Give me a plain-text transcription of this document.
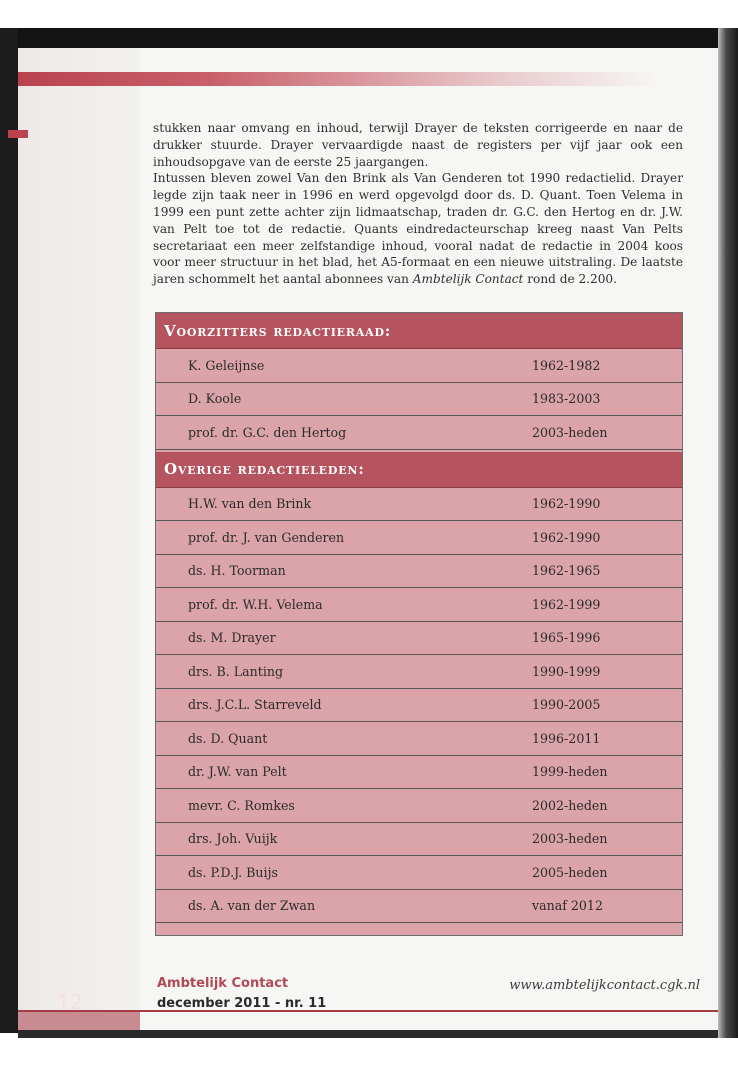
stukken naar omvang en inhoud, terwijl Drayer de teksten corrigeerde en naar de drukker stuurde. Drayer vervaardigde naast de registers per vijf jaar ook een inhoudsopgave van de eerste 25 jaargangen.

Intussen bleven zowel Van den Brink als Van Genderen tot 1990 redactielid. Drayer legde zijn taak neer in 1996 en werd opgevolgd door ds. D. Quant. Toen Velema in 1999 een punt zette achter zijn lidmaatschap, traden dr. G.C. den Hertog en dr. J.W. van Pelt toe tot de redactie. Quants eindredacteurschap kreeg naast Van Pelts secretariaat een meer zelfstandige inhoud, vooral nadat de redactie in 2004 koos voor meer structuur in het blad, het A5-formaat en een nieuwe uitstraling. De laatste jaren schommelt het aantal abonnees van Ambtelijk Contact rond de 2.200.

Voorzitters redactieraad:
K. Geleijnse	1962-1982
D. Koole	1983-2003
prof. dr. G.C. den Hertog	2003-heden
Overige redactieleden:
H.W. van den Brink	1962-1990
prof. dr. J. van Genderen	1962-1990
ds. H. Toorman	1962-1965
prof. dr. W.H. Velema	1962-1999
ds. M. Drayer	1965-1996
drs. B. Lanting	1990-1999
drs. J.C.L. Starreveld	1990-2005
ds. D. Quant	1996-2011
dr. J.W. van Pelt	1999-heden
mevr. C. Romkes	2002-heden
drs. Joh. Vuijk	2003-heden
ds. P.D.J. Buijs	2005-heden
ds. A. van der Zwan	vanaf 2012
12
Ambtelijk Contact
december 2011 - nr. 11
www.ambtelijkcontact.cgk.nl
